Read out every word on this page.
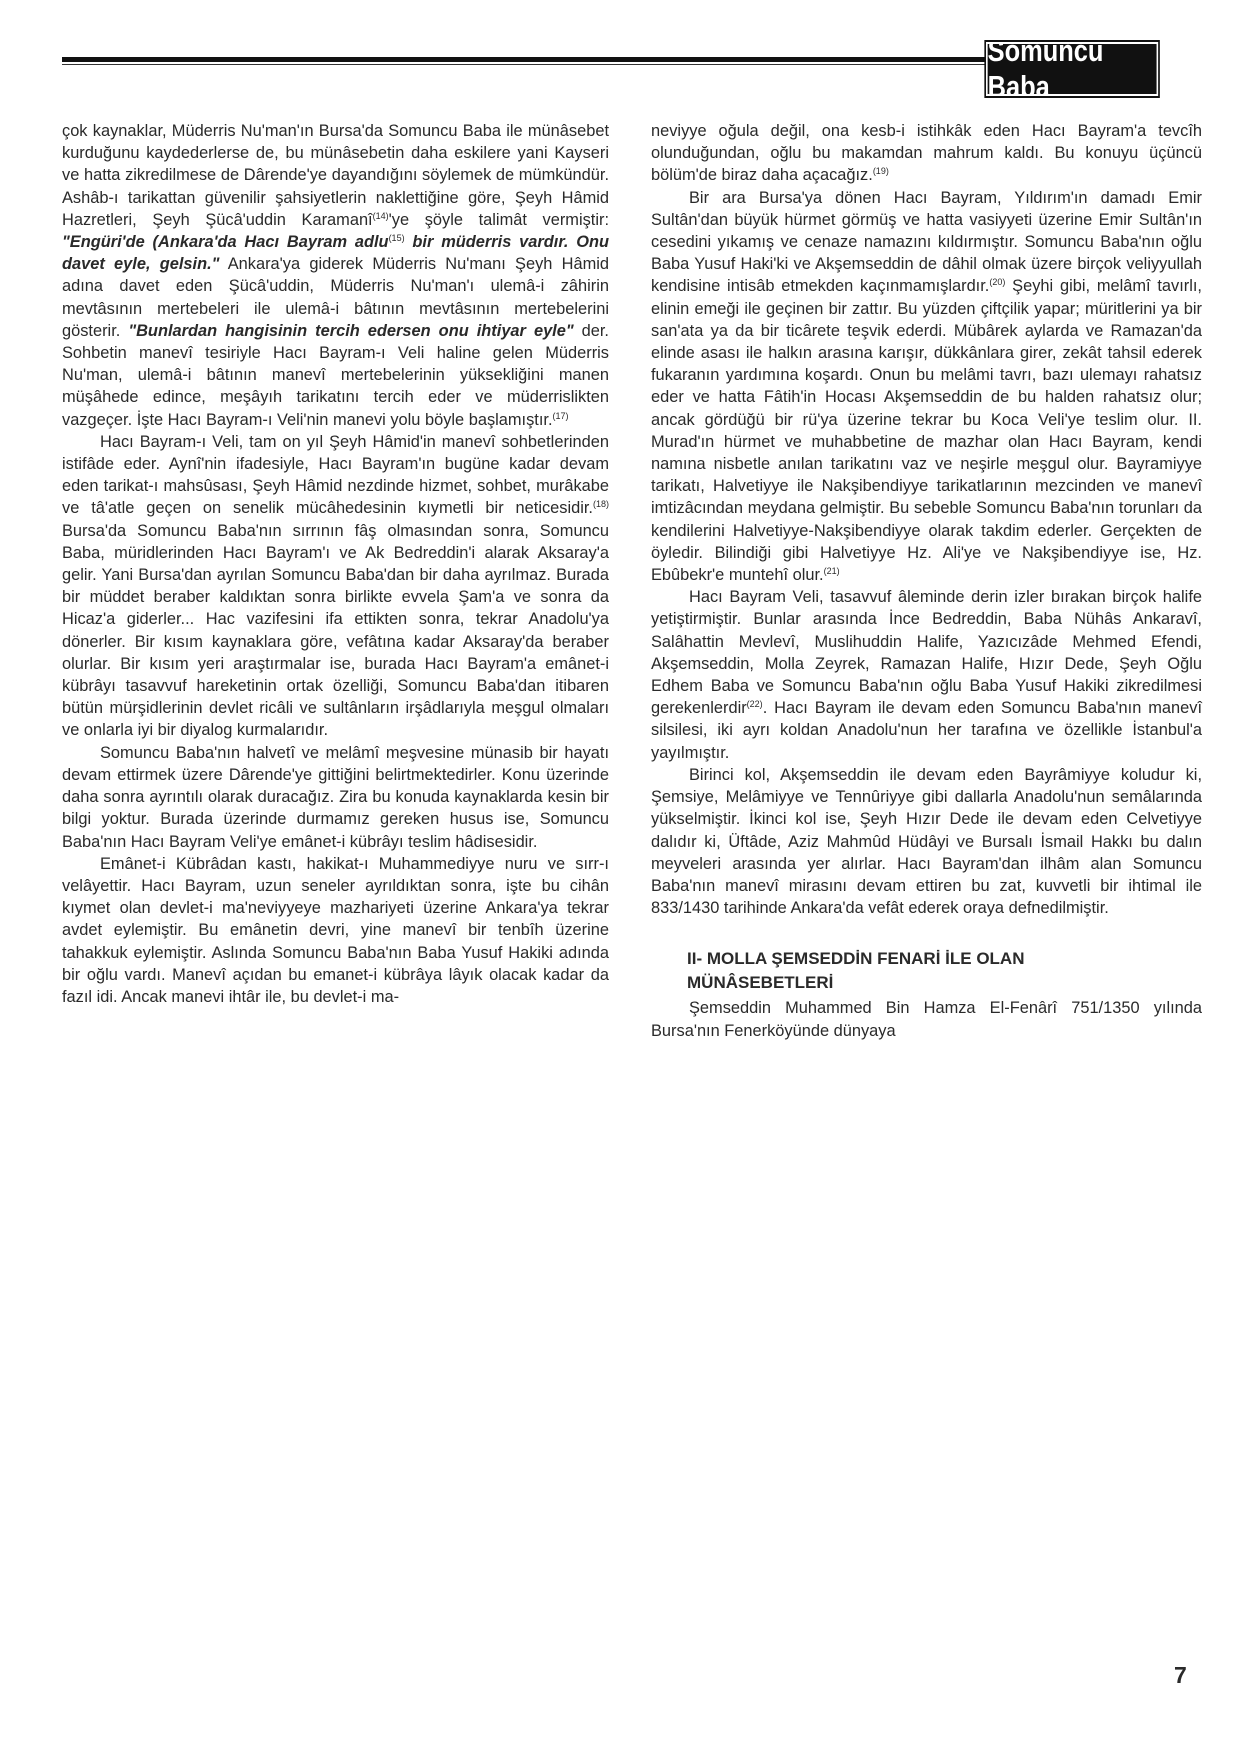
Somuncu Baba

çok kaynaklar, Müderris Nu'man'ın Bursa'da Somuncu Baba ile münâsebet kurduğunu kaydederlerse de, bu münâsebetin daha eskilere yani Kayseri ve hatta zikredilmese de Dârende'ye dayandığını söylemek de mümkündür. Ashâb-ı tarikattan güvenilir şahsiyetlerin naklettiğine göre, Şeyh Hâmid Hazretleri, Şeyh Şücâ'uddin Karamanî$^{(14)}$'ye şöyle talimât vermiştir: "Engüri'de (Ankara'da Hacı Bayram adlu$^{(15)}$ bir müderris vardır. Onu davet eyle, gelsin." Ankara'ya giderek Müderris Nu'manı Şeyh Hâmid adına davet eden Şücâ'uddin, Müderris Nu'man'ı ulemâ-i zâhirin mevtâsının mertebeleri ile ulemâ-i bâtının mevtâsının mertebelerini gösterir. "Bunlardan hangisinin tercih edersen onu ihtiyar eyle" der. Sohbetin manevî tesiriyle Hacı Bayram-ı Veli haline gelen Müderris Nu'man, ulemâ-i bâtının manevî mertebelerinin yüksekliğini manen müşâhede edince, meşâyıh tarikatını tercih eder ve müderrislikten vazgeçer. İşte Hacı Bayram-ı Veli'nin manevi yolu böyle başlamıştır.$^{(17)}$

Hacı Bayram-ı Veli, tam on yıl Şeyh Hâmid'in manevî sohbetlerinden istifâde eder. Aynî'nin ifadesiyle, Hacı Bayram'ın bugüne kadar devam eden tarikat-ı mahsûsası, Şeyh Hâmid nezdinde hizmet, sohbet, murâkabe ve tâ'atle geçen on senelik mücâhedesinin kıymetli bir neticesidir.$^{(18)}$ Bursa'da Somuncu Baba'nın sırrının fâş olmasından sonra, Somuncu Baba, müridlerinden Hacı Bayram'ı ve Ak Bedreddin'i alarak Aksaray'a gelir. Yani Bursa'dan ayrılan Somuncu Baba'dan bir daha ayrılmaz. Burada bir müddet beraber kaldıktan sonra birlikte evvela Şam'a ve sonra da Hicaz'a giderler... Hac vazifesini ifa ettikten sonra, tekrar Anadolu'ya dönerler. Bir kısım kaynaklara göre, vefâtına kadar Aksaray'da beraber olurlar. Bir kısım yeri araştırmalar ise, burada Hacı Bayram'a emânet-i kübrâyı tasavvuf hareketinin ortak özelliği, Somuncu Baba'dan itibaren bütün mürşidlerinin devlet ricâli ve sultânların irşâdlarıyla meşgul olmaları ve onlarla iyi bir diyalog kurmalarıdır.

Somuncu Baba'nın halvetî ve melâmî meşvesine münasib bir hayatı devam ettirmek üzere Dârende'ye gittiğini belirtmektedirler. Konu üzerinde daha sonra ayrıntılı olarak duracağız. Zira bu konuda kaynaklarda kesin bir bilgi yoktur. Burada üzerinde durmamız gereken husus ise, Somuncu Baba'nın Hacı Bayram Veli'ye emânet-i kübrâyı teslim hâdisesidir.

Emânet-i Kübrâdan kastı, hakikat-ı Muhammediyye nuru ve sırr-ı velâyettir. Hacı Bayram, uzun seneler ayrıldıktan sonra, işte bu cihân kıymet olan devlet-i ma'neviyyeye mazhariyeti üzerine Ankara'ya tekrar avdet eylemiştir. Bu emânetin devri, yine manevî bir tenbîh üzerine tahakkuk eylemiştir. Aslında Somuncu Baba'nın Baba Yusuf Hakiki adında bir oğlu vardı. Manevî açıdan bu emanet-i kübrâya lâyık olacak kadar da fazıl idi. Ancak manevi ihtâr ile, bu devlet-i ma-

neviyye oğula değil, ona kesb-i istihkâk eden Hacı Bayram'a tevcîh olunduğundan, oğlu bu makamdan mahrum kaldı. Bu konuyu üçüncü bölüm'de biraz daha açacağız.$^{(19)}$

Bir ara Bursa'ya dönen Hacı Bayram, Yıldırım'ın damadı Emir Sultân'dan büyük hürmet görmüş ve hatta vasiyyeti üzerine Emir Sultân'ın cesedini yıkamış ve cenaze namazını kıldırmıştır. Somuncu Baba'nın oğlu Baba Yusuf Haki'ki ve Akşemseddin de dâhil olmak üzere birçok veliyyullah kendisine intisâb etmekden kaçınmamışlardır.$^{(20)}$ Şeyhi gibi, melâmî tavırlı, elinin emeği ile geçinen bir zattır. Bu yüzden çiftçilik yapar; müritlerini ya bir san'ata ya da bir ticârete teşvik ederdi. Mübârek aylarda ve Ramazan'da elinde asası ile halkın arasına karışır, dükkânlara girer, zekât tahsil ederek fukaranın yardımına koşardı. Onun bu melâmi tavrı, bazı ulemayı rahatsız eder ve hatta Fâtih'in Hocası Akşemseddin de bu halden rahatsız olur; ancak gördüğü bir rü'ya üzerine tekrar bu Koca Veli'ye teslim olur. II. Murad'ın hürmet ve muhabbetine de mazhar olan Hacı Bayram, kendi namına nisbetle anılan tarikatını vaz ve neşirle meşgul olur. Bayramiyye tarikatı, Halvetiyye ile Nakşibendiyye tarikatlarının mezcinden ve manevî imtizâcından meydana gelmiştir. Bu sebeble Somuncu Baba'nın torunları da kendilerini Halvetiyye-Nakşibendiyye olarak takdim ederler. Gerçekten de öyledir. Bilindiği gibi Halvetiyye Hz. Ali'ye ve Nakşibendiyye ise, Hz. Ebûbekr'e muntehî olur.$^{(21)}$

Hacı Bayram Veli, tasavvuf âleminde derin izler bırakan birçok halife yetiştirmiştir. Bunlar arasında İnce Bedreddin, Baba Nühâs Ankaravî, Salâhattin Mevlevî, Muslihuddin Halife, Yazıcızâde Mehmed Efendi, Akşemseddin, Molla Zeyrek, Ramazan Halife, Hızır Dede, Şeyh Oğlu Edhem Baba ve Somuncu Baba'nın oğlu Baba Yusuf Hakiki zikredilmesi gerekenlerdir$^{(22)}$. Hacı Bayram ile devam eden Somuncu Baba'nın manevî silsilesi, iki ayrı koldan Anadolu'nun her tarafına ve özellikle İstanbul'a yayılmıştır.

Birinci kol, Akşemseddin ile devam eden Bayrâmiyye koludur ki, Şemsiye, Melâmiyye ve Tennûriyye gibi dallarla Anadolu'nun semâlarında yükselmiştir. İkinci kol ise, Şeyh Hızır Dede ile devam eden Celvetiyye dalıdır ki, Üftâde, Aziz Mahmûd Hüdâyi ve Bursalı İsmail Hakkı bu dalın meyveleri arasında yer alırlar. Hacı Bayram'dan ilhâm alan Somuncu Baba'nın manevî mirasını devam ettiren bu zat, kuvvetli bir ihtimal ile 833/1430 tarihinde Ankara'da vefât ederek oraya defnedilmiştir.

II- MOLLA ŞEMSEDDİN FENARİ İLE OLAN
MÜNÂSEBETLERİ

Şemseddin Muhammed Bin Hamza El-Fenârî 751/1350 yılında Bursa'nın Fenerköyünde dünyaya

7
